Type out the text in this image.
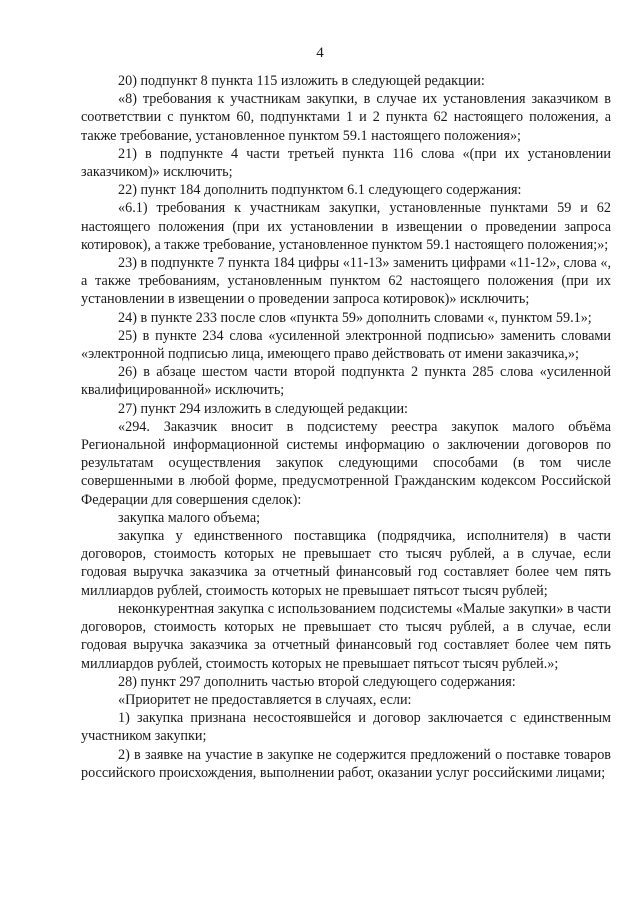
4

20) подпункт 8 пункта 115 изложить в следующей редакции:

«8) требования к участникам закупки, в случае их установления заказчиком в соответствии с пунктом 60, подпунктами 1 и 2 пункта 62 настоящего положения, а также требование, установленное пунктом 59.1 настоящего положения»;

21) в подпункте 4 части третьей пункта 116 слова «(при их установлении заказчиком)» исключить;

22) пункт 184 дополнить подпунктом 6.1 следующего содержания:

«6.1) требования к участникам закупки, установленные пунктами 59 и 62 настоящего положения (при их установлении в извещении о проведении запроса котировок), а также требование, установленное пунктом 59.1 настоящего положения;»;

23) в подпункте 7 пункта 184 цифры «11-13» заменить цифрами «11-12», слова «, а также требованиям, установленным пунктом 62 настоящего положения (при их установлении в извещении о проведении запроса котировок)» исключить;

24) в пункте 233 после слов «пункта 59» дополнить словами «, пунктом 59.1»;

25) в пункте 234 слова «усиленной электронной подписью» заменить словами «электронной подписью лица, имеющего право действовать от имени заказчика,»;

26) в абзаце шестом части второй подпункта 2 пункта 285 слова «усиленной квалифицированной» исключить;

27) пункт 294 изложить в следующей редакции:

«294. Заказчик вносит в подсистему реестра закупок малого объёма Региональной информационной системы информацию о заключении договоров по результатам осуществления закупок следующими способами (в том числе совершенными в любой форме, предусмотренной Гражданским кодексом Российской Федерации для совершения сделок):

закупка малого объема;

закупка у единственного поставщика (подрядчика, исполнителя) в части договоров, стоимость которых не превышает сто тысяч рублей, а в случае, если годовая выручка заказчика за отчетный финансовый год составляет более чем пять миллиардов рублей, стоимость которых не превышает пятьсот тысяч рублей;

неконкурентная закупка с использованием подсистемы «Малые закупки» в части договоров, стоимость которых не превышает сто тысяч рублей, а в случае, если годовая выручка заказчика за отчетный финансовый год составляет более чем пять миллиардов рублей, стоимость которых не превышает пятьсот тысяч рублей.»;

28) пункт 297 дополнить частью второй следующего содержания:

«Приоритет не предоставляется в случаях, если:

1) закупка признана несостоявшейся и договор заключается с единственным участником закупки;

2) в заявке на участие в закупке не содержится предложений о поставке товаров российского происхождения, выполнении работ, оказании услуг российскими лицами;
